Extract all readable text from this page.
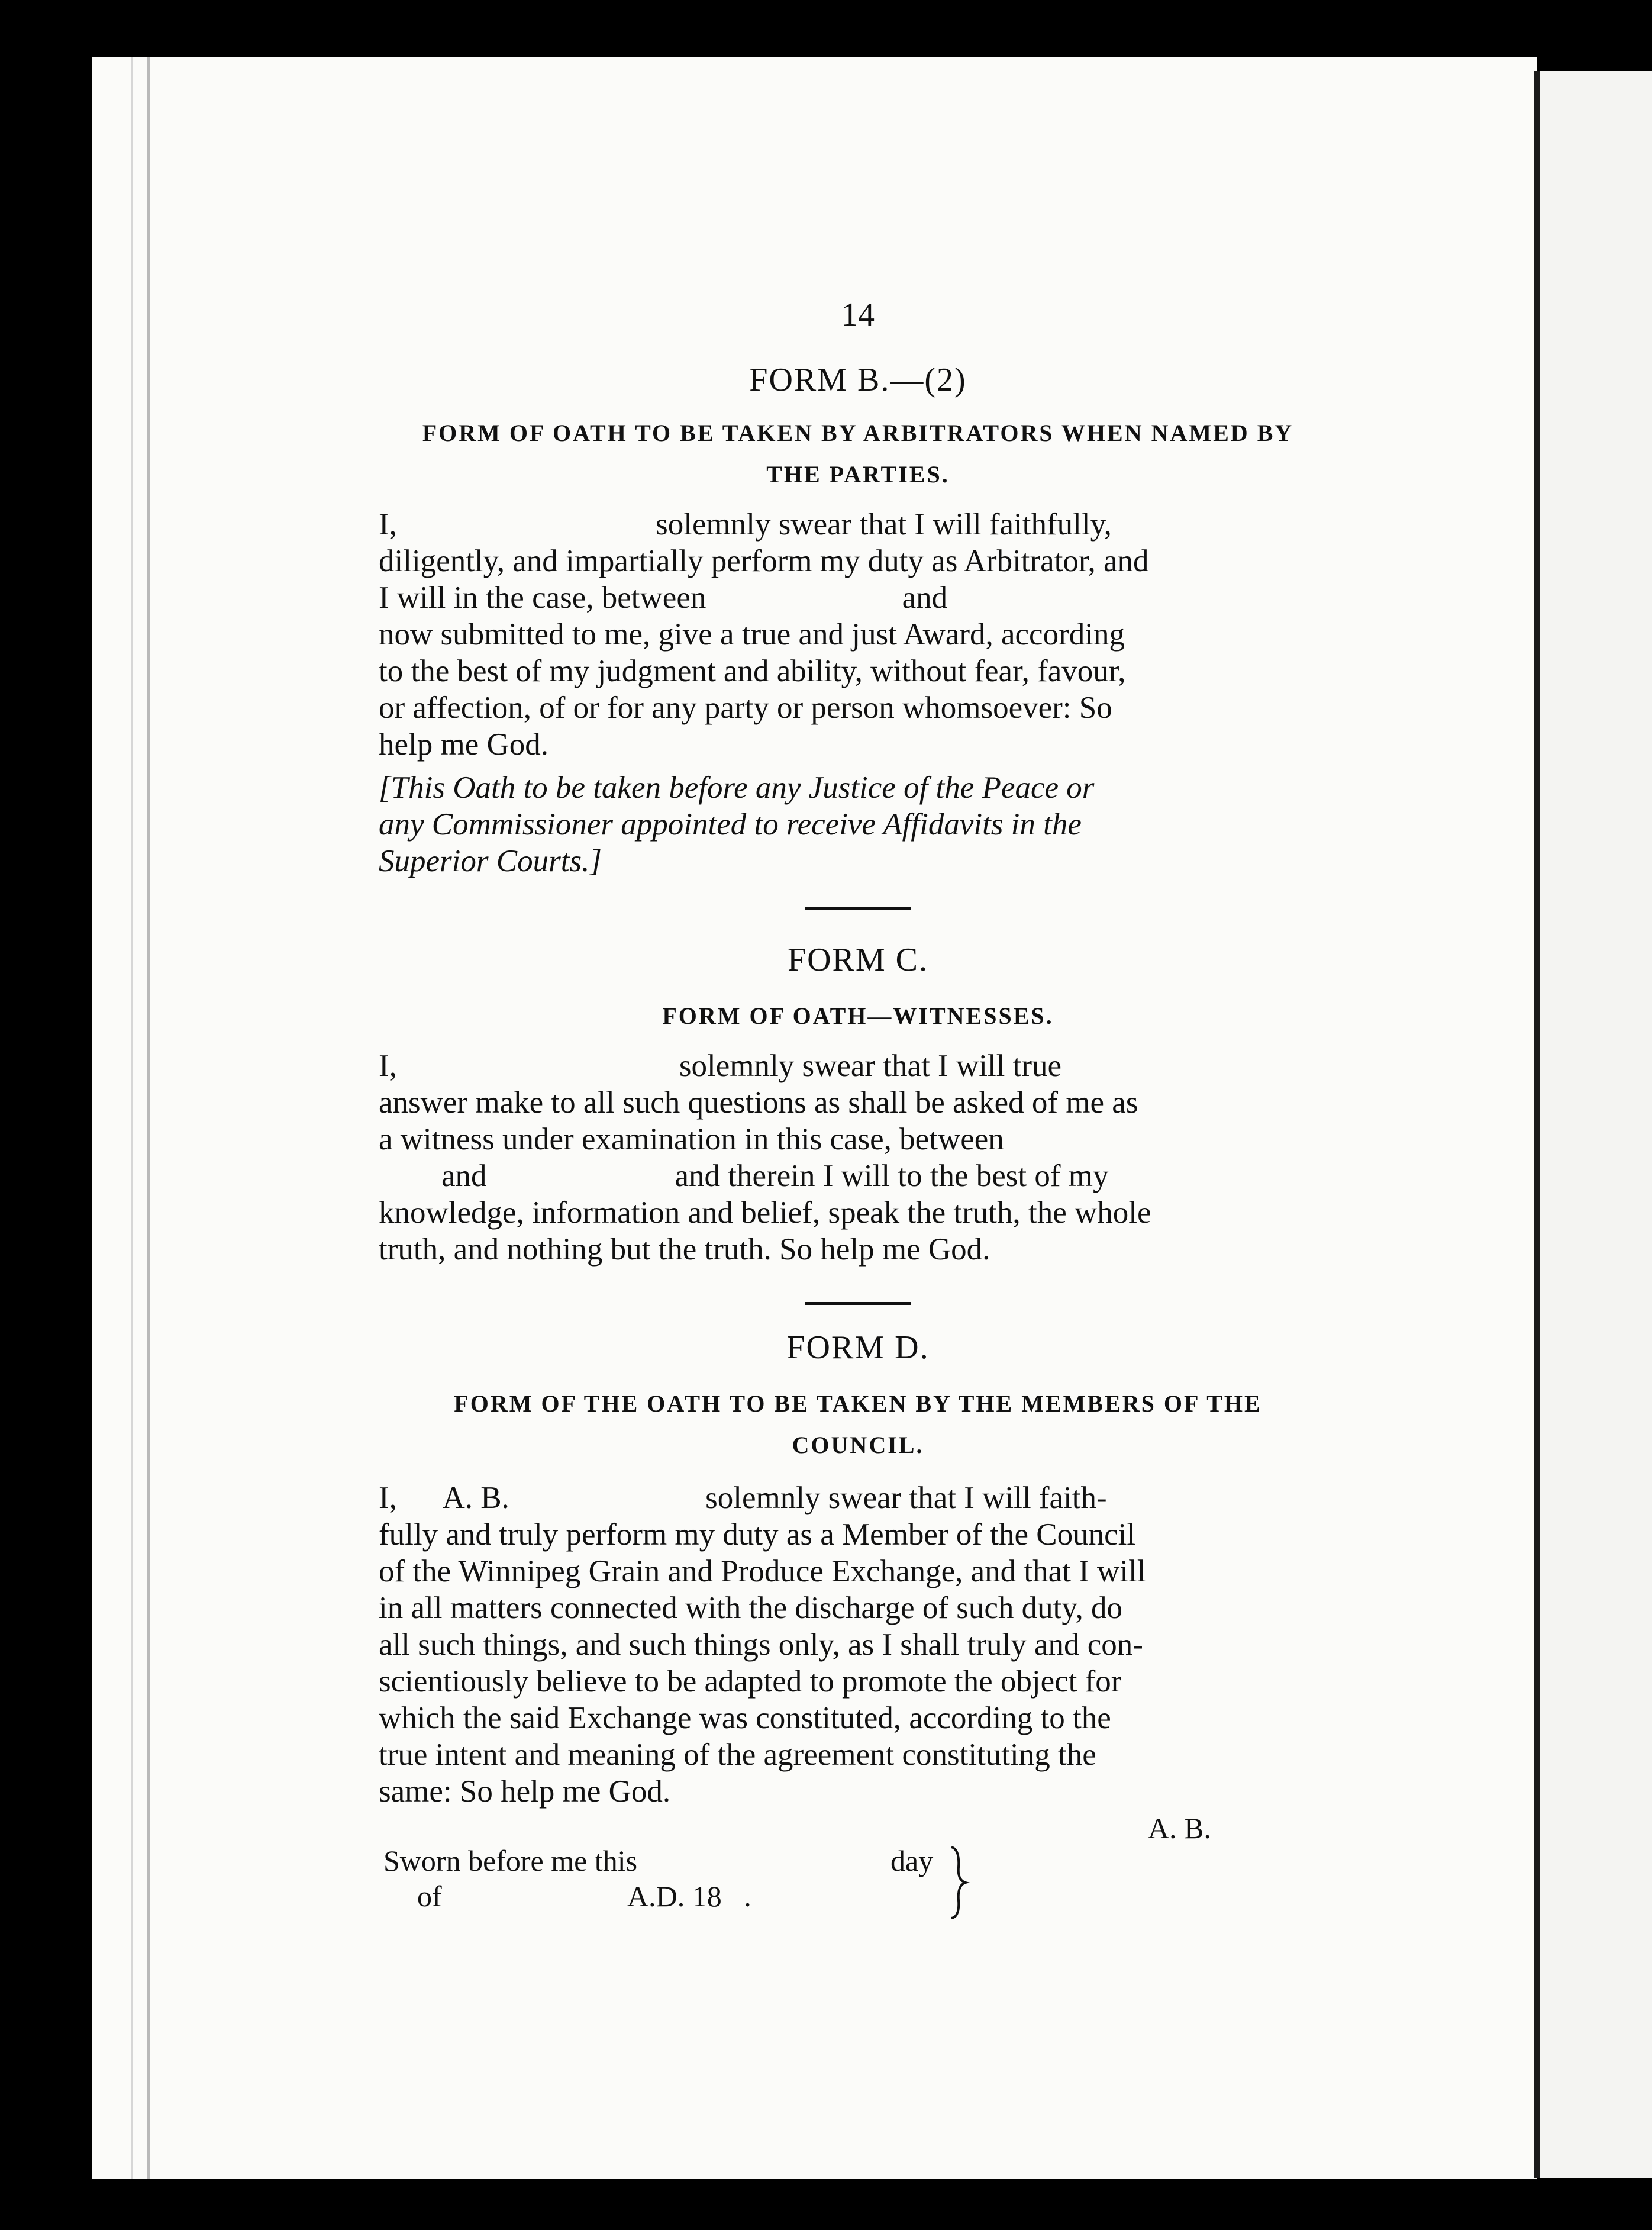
14
FORM B.—(2)
FORM OF OATH TO BE TAKEN BY ARBITRATORS WHEN NAMED BY
THE PARTIES.

I,                                 solemnly swear that I will faithfully,

diligently, and impartially perform my duty as Arbitrator, and

I will in the case, between                         and

now submitted to me, give a true and just Award, according

to the best of my judgment and ability, without fear, favour,

or affection, of or for any party or person whomsoever: So

help me God.

[This Oath to be taken before any Justice of the Peace or
any Commissioner appointed to receive Affidavits in the
Superior Courts.]
FORM C.
FORM OF OATH—WITNESSES.

I,                                    solemnly swear that I will true

answer make to all such questions as shall be asked of me as

a witness under examination in this case, between

and                        and therein I will to the best of my

knowledge, information and belief, speak the truth, the whole

truth, and nothing but the truth. So help me God.

FORM D.
FORM OF THE OATH TO BE TAKEN BY THE MEMBERS OF THE
COUNCIL.

I,      A. B.                         solemnly swear that I will faith-

fully and truly perform my duty as a Member of the Council

of the Winnipeg Grain and Produce Exchange, and that I will

in all matters connected with the discharge of such duty, do

all such things, and such things only, as I shall truly and con-

scientiously believe to be adapted to promote the object for

which the said Exchange was constituted, according to the

true intent and meaning of the agreement constituting the

same: So help me God.

A. B.
Sworn before me this	day
of	A.D. 18   .
